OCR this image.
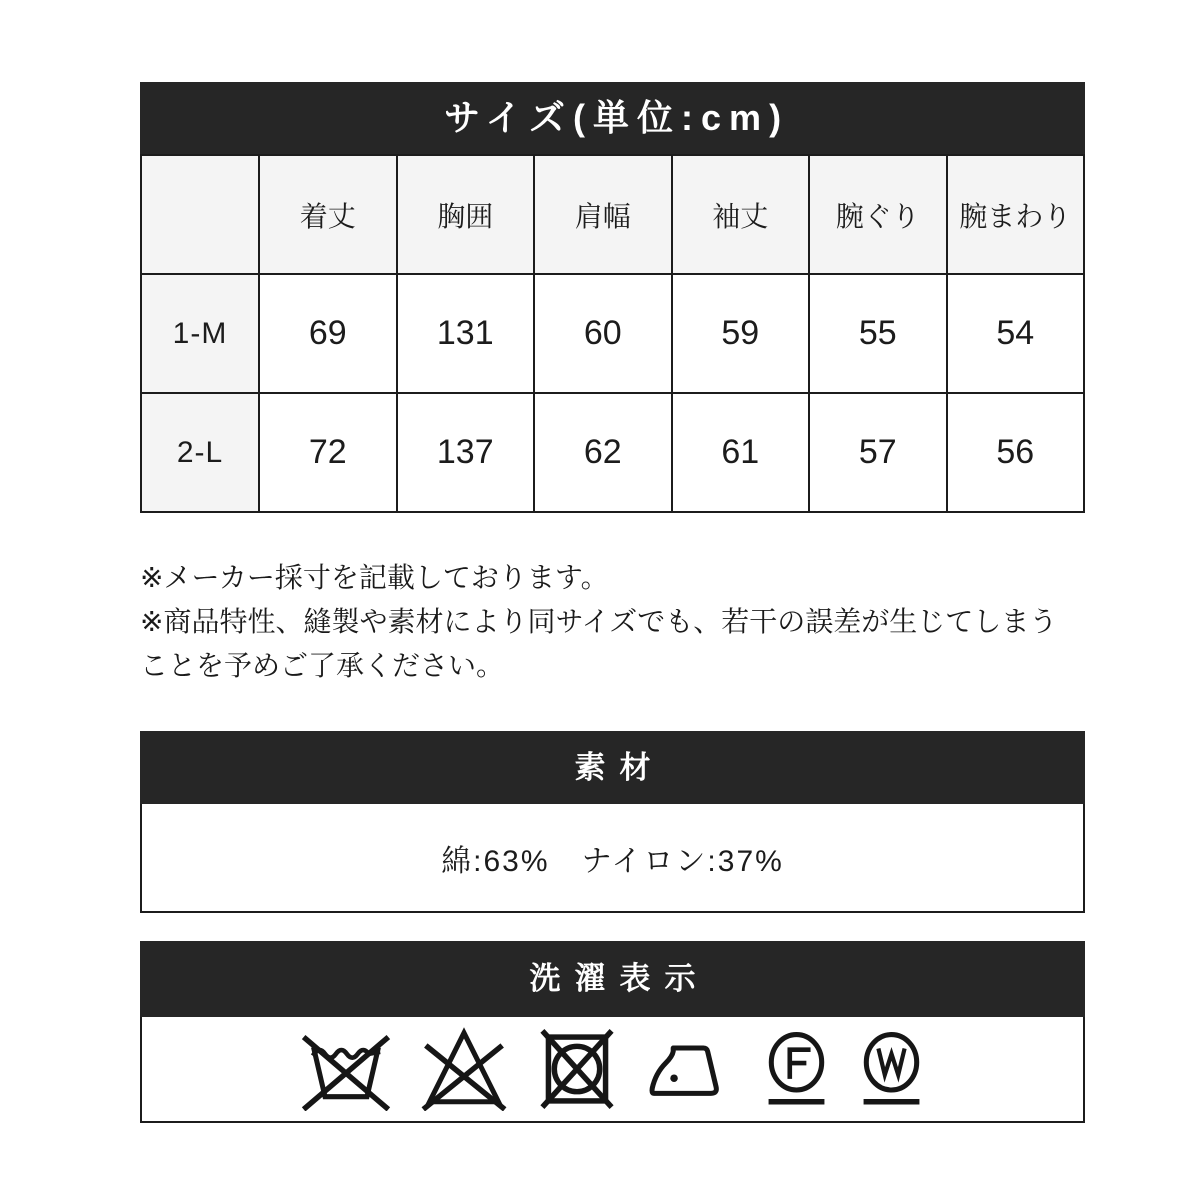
サイズ(単位:cm)
	着丈	胸囲	肩幅	袖丈	腕ぐり	腕まわり
1-M	69	131	60	59	55	54
2-L	72	137	62	61	57	56

※メーカー採寸を記載しております。

※商品特性、縫製や素材により同サイズでも、若干の誤差が生じてしまうことを予めご了承ください。

素材
綿:63%　ナイロン:37%
洗濯表示
